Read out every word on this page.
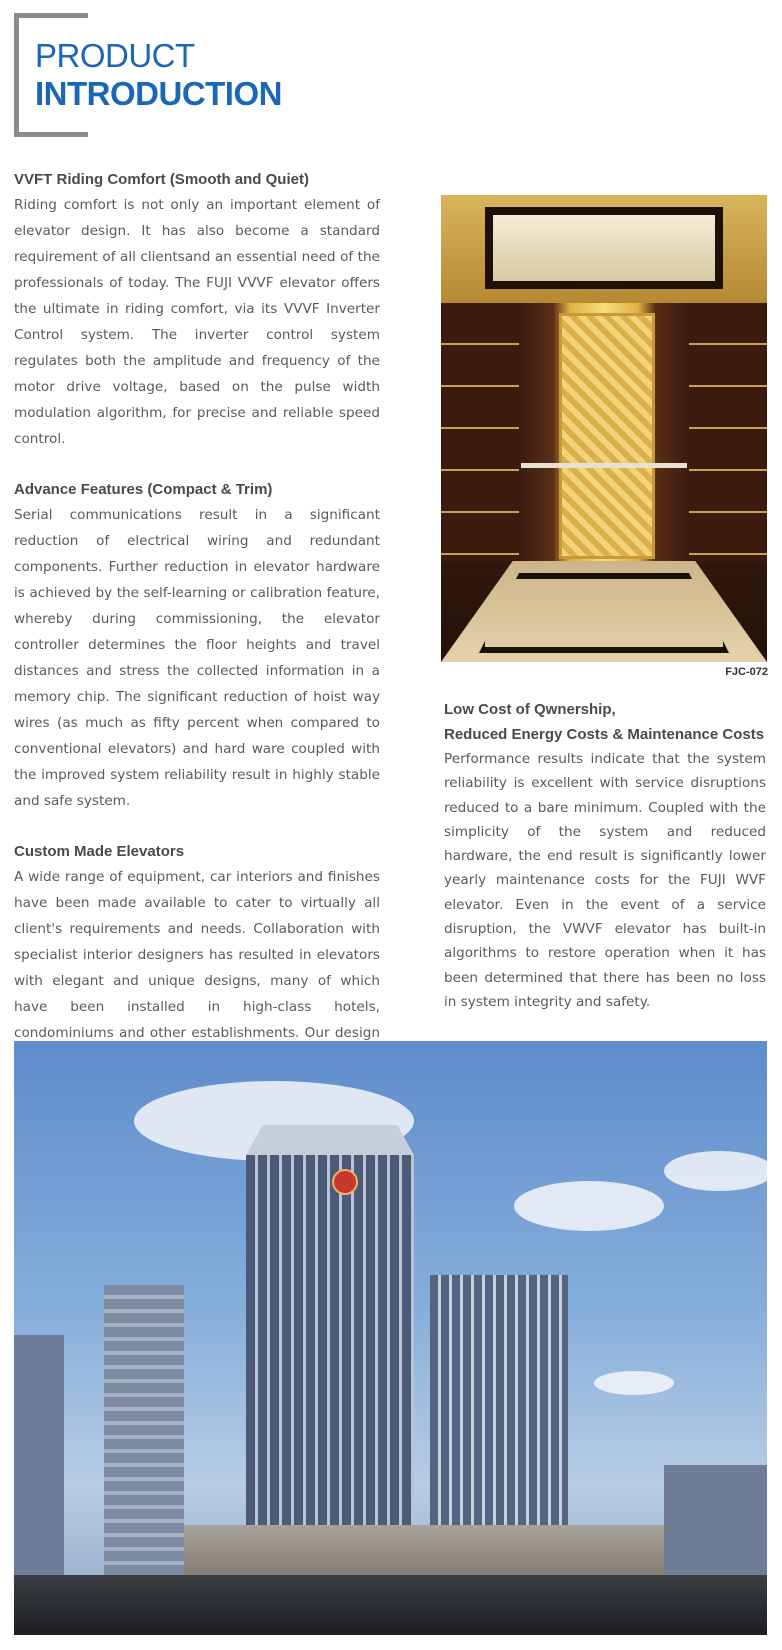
PRODUCT
INTRODUCTION

VVFT Riding Comfort (Smooth and Quiet)

Riding comfort is not only an important element of elevator design. It has also become a standard requirement of all clientsand an essential need of the professionals of today. The FUJI VVVF elevator offers the ultimate in riding comfort, via its VVVF Inverter Control system. The inverter control system regulates both the amplitude and frequency of the motor drive voltage, based on the pulse width modulation algorithm, for precise and reliable speed control.

Advance Features (Compact & Trim)

Serial communications result in a significant reduction of electrical wiring and redundant components. Further reduction in elevator hardware is achieved by the self-learning or calibration feature, whereby during commissioning, the elevator controller determines the floor heights and travel distances and stress the collected information in a memory chip. The significant reduction of hoist way wires (as much as fifty percent when compared to conventional elevators) and hard ware coupled with the improved system reliability result in highly stable and safe system.

Custom Made Elevators

A wide range of equipment, car interiors and finishes have been made available to cater to virtually all client's requirements and needs. Collaboration with specialist interior designers has resulted in elevators with elegant and unique designs, many of which have been installed in high-class hotels, condominiums and other establishments. Our design

FJC-072

Low Cost of Qwnership,

Reduced Energy Costs & Maintenance Costs

Performance results indicate that the system reliability is excellent with service disruptions reduced to a bare minimum. Coupled with the simplicity of the system and reduced hardware, the end result is significantly lower yearly maintenance costs for the FUJI WVF elevator. Even in the event of a service disruption, the VWVF elevator has built-in algorithms to restore operation when it has been determined that there has been no loss in system integrity and safety.
